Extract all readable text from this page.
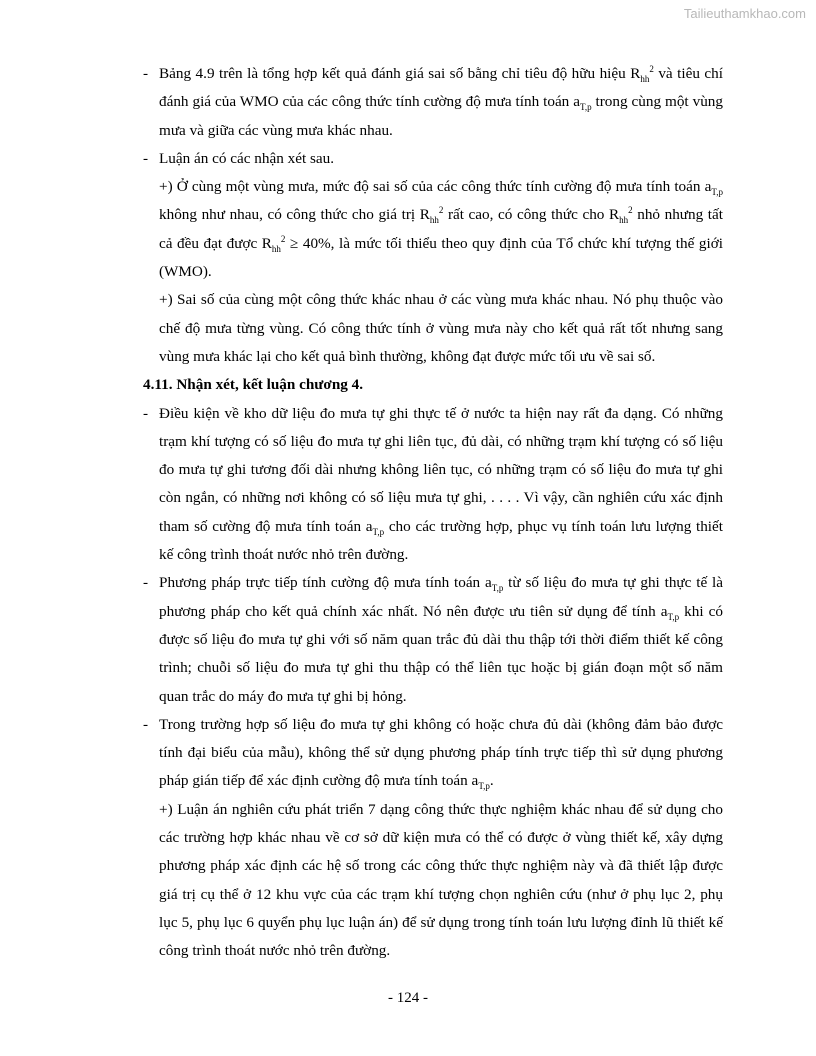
Tailieuthamkhao.com
- Bảng 4.9 trên là tổng hợp kết quả đánh giá sai số bằng chỉ tiêu độ hữu hiệu $R_{hh}^2$ và tiêu chí đánh giá của WMO của các công thức tính cường độ mưa tính toán $a_{T,p}$ trong cùng một vùng mưa và giữa các vùng mưa khác nhau.
- Luận án có các nhận xét sau.
+) Ở cùng một vùng mưa, mức độ sai số của các công thức tính cường độ mưa tính toán $a_{T,p}$ không như nhau, có công thức cho giá trị $R_{hh}^2$ rất cao, có công thức cho $R_{hh}^2$ nhỏ nhưng tất cả đều đạt được $R_{hh}^2 \ge 40\%$, là mức tối thiểu theo quy định của Tổ chức khí tượng thế giới (WMO).
+) Sai số của cùng một công thức khác nhau ở các vùng mưa khác nhau. Nó phụ thuộc vào chế độ mưa từng vùng. Có công thức tính ở vùng mưa này cho kết quả rất tốt nhưng sang vùng mưa khác lại cho kết quả bình thường, không đạt được mức tối ưu về sai số.
4.11. Nhận xét, kết luận chương 4.
- Điều kiện về kho dữ liệu đo mưa tự ghi thực tế ở nước ta hiện nay rất đa dạng. Có những trạm khí tượng có số liệu đo mưa tự ghi liên tục, đủ dài, có những trạm khí tượng có số liệu đo mưa tự ghi tương đối dài nhưng không liên tục, có những trạm có số liệu đo mưa tự ghi còn ngắn, có những nơi không có số liệu mưa tự ghi, . . . . Vì vậy, cần nghiên cứu xác định tham số cường độ mưa tính toán $a_{T,p}$ cho các trường hợp, phục vụ tính toán lưu lượng thiết kế công trình thoát nước nhỏ trên đường.
- Phương pháp trực tiếp tính cường độ mưa tính toán $a_{T,p}$ từ số liệu đo mưa tự ghi thực tế là phương pháp cho kết quả chính xác nhất. Nó nên được ưu tiên sử dụng để tính $a_{T,p}$ khi có được số liệu đo mưa tự ghi với số năm quan trắc đủ dài thu thập tới thời điểm thiết kế công trình; chuỗi số liệu đo mưa tự ghi thu thập có thể liên tục hoặc bị gián đoạn một số năm quan trắc do máy đo mưa tự ghi bị hỏng.
- Trong trường hợp số liệu đo mưa tự ghi không có hoặc chưa đủ dài (không đảm bảo được tính đại biểu của mẫu), không thể sử dụng phương pháp tính trực tiếp thì sử dụng phương pháp gián tiếp để xác định cường độ mưa tính toán $a_{T,p}$.
+) Luận án nghiên cứu phát triển 7 dạng công thức thực nghiệm khác nhau để sử dụng cho các trường hợp khác nhau về cơ sở dữ kiện mưa có thể có được ở vùng thiết kế, xây dựng phương pháp xác định các hệ số trong các công thức thực nghiệm này và đã thiết lập được giá trị cụ thể ở 12 khu vực của các trạm khí tượng chọn nghiên cứu (như ở phụ lục 2, phụ lục 5, phụ lục 6 quyển phụ lục luận án) để sử dụng trong tính toán lưu lượng đỉnh lũ thiết kế công trình thoát nước nhỏ trên đường.
- 124 -
